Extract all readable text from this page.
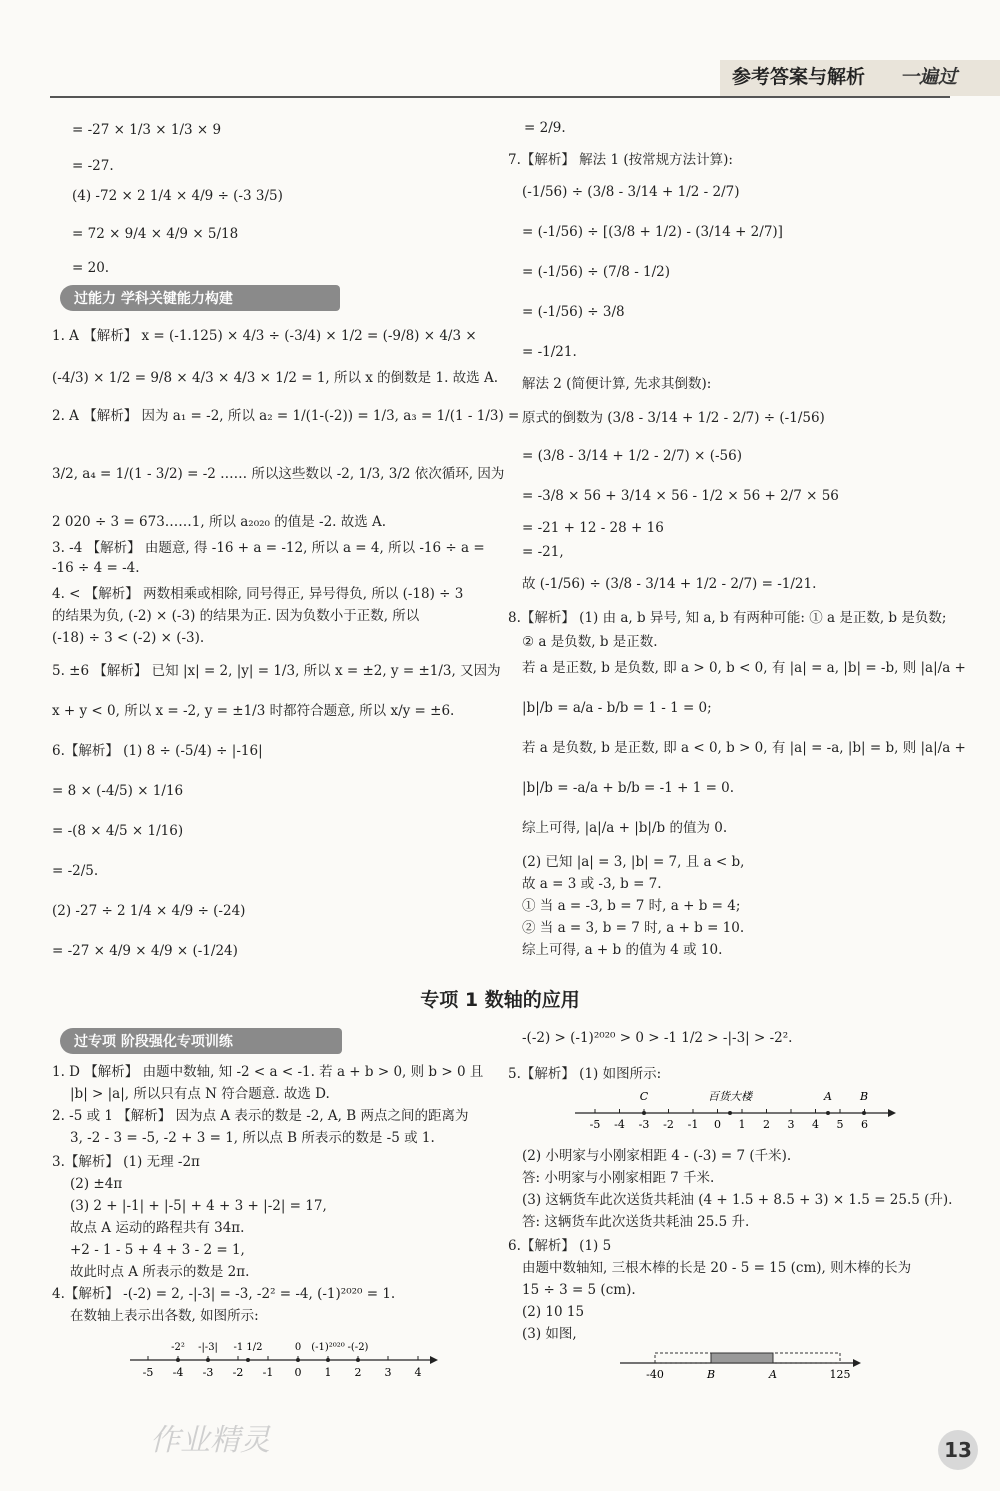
参考答案与解析 一遍过
= -27 × 1/3 × 1/3 × 9
= -27.
(4) -72 × 2 1/4 × 4/9 ÷ (-3 3/5)
= 72 × 9/4 × 4/9 × 5/18
= 20.
过能力 学科关键能力构建
1. A 【解析】 x = (-1.125) × 4/3 ÷ (-3/4) × 1/2 = (-9/8) × 4/3 ×
(-4/3) × 1/2 = 9/8 × 4/3 × 4/3 × 1/2 = 1, 所以 x 的倒数是 1. 故选 A.
2. A 【解析】 因为 a₁ = -2, 所以 a₂ = 1/(1-(-2)) = 1/3, a₃ = 1/(1 - 1/3) =
3/2, a₄ = 1/(1 - 3/2) = -2 …… 所以这些数以 -2, 1/3, 3/2 依次循环, 因为
2 020 ÷ 3 = 673……1, 所以 a₂₀₂₀ 的值是 -2. 故选 A.
3. -4 【解析】 由题意, 得 -16 + a = -12, 所以 a = 4, 所以 -16 ÷ a =
-16 ÷ 4 = -4.
4. < 【解析】 两数相乘或相除, 同号得正, 异号得负, 所以 (-18) ÷ 3
的结果为负, (-2) × (-3) 的结果为正. 因为负数小于正数, 所以
(-18) ÷ 3 < (-2) × (-3).
5. ±6 【解析】 已知 |x| = 2, |y| = 1/3, 所以 x = ±2, y = ±1/3, 又因为
x + y < 0, 所以 x = -2, y = ±1/3 时都符合题意, 所以 x/y = ±6.
6.【解析】 (1) 8 ÷ (-5/4) ÷ |-16|
= 8 × (-4/5) × 1/16
= -(8 × 4/5 × 1/16)
= -2/5.
(2) -27 ÷ 2 1/4 × 4/9 ÷ (-24)
= -27 × 4/9 × 4/9 × (-1/24)
= 2/9.
7.【解析】 解法 1 (按常规方法计算):
(-1/56) ÷ (3/8 - 3/14 + 1/2 - 2/7)
= (-1/56) ÷ [(3/8 + 1/2) - (3/14 + 2/7)]
= (-1/56) ÷ (7/8 - 1/2)
= (-1/56) ÷ 3/8
= -1/21.
解法 2 (简便计算, 先求其倒数):
原式的倒数为 (3/8 - 3/14 + 1/2 - 2/7) ÷ (-1/56)
= (3/8 - 3/14 + 1/2 - 2/7) × (-56)
= -3/8 × 56 + 3/14 × 56 - 1/2 × 56 + 2/7 × 56
= -21 + 12 - 28 + 16
= -21,
故 (-1/56) ÷ (3/8 - 3/14 + 1/2 - 2/7) = -1/21.
8.【解析】 (1) 由 a, b 异号, 知 a, b 有两种可能: ① a 是正数, b 是负数;
② a 是负数, b 是正数.
若 a 是正数, b 是负数, 即 a > 0, b < 0, 有 |a| = a, |b| = -b, 则 |a|/a +
|b|/b = a/a - b/b = 1 - 1 = 0;
若 a 是负数, b 是正数, 即 a < 0, b > 0, 有 |a| = -a, |b| = b, 则 |a|/a +
|b|/b = -a/a + b/b = -1 + 1 = 0.
综上可得, |a|/a + |b|/b 的值为 0.
(2) 已知 |a| = 3, |b| = 7, 且 a < b,
故 a = 3 或 -3, b = 7.
① 当 a = -3, b = 7 时, a + b = 4;
② 当 a = 3, b = 7 时, a + b = 10.
综上可得, a + b 的值为 4 或 10.
专项 1 数轴的应用
过专项 阶段强化专项训练
1. D 【解析】 由题中数轴, 知 -2 < a < -1. 若 a + b > 0, 则 b > 0 且
|b| > |a|, 所以只有点 N 符合题意. 故选 D.
2. -5 或 1 【解析】 因为点 A 表示的数是 -2, A, B 两点之间的距离为
3, -2 - 3 = -5, -2 + 3 = 1, 所以点 B 所表示的数是 -5 或 1.
3.【解析】 (1) 无理 -2π
(2) ±4π
(3) 2 + |-1| + |-5| + 4 + 3 + |-2| = 17,
故点 A 运动的路程共有 34π.
+2 - 1 - 5 + 4 + 3 - 2 = 1,
故此时点 A 所表示的数是 2π.
4.【解析】 -(-2) = 2, -|-3| = -3, -2² = -4, (-1)²⁰²⁰ = 1.
在数轴上表示出各数, 如图所示:
-5 -4 -3 -2 -1 0 1 2 3 4
-2² -|-3| -1 1/2	0 (-1)²⁰²⁰ -(-2)
-(-2) > (-1)²⁰²⁰ > 0 > -1 1/2 > -|-3| > -2².
5.【解析】 (1) 如图所示:
(2) 小明家与小刚家相距 4 - (-3) = 7 (千米).
答: 小明家与小刚家相距 7 千米.
(3) 这辆货车此次送货共耗油 (4 + 1.5 + 8.5 + 3) × 1.5 = 25.5 (升).
答: 这辆货车此次送货共耗油 25.5 升.
6.【解析】 (1) 5
由题中数轴知, 三根木棒的长是 20 - 5 = 15 (cm), 则木棒的长为
15 ÷ 3 = 5 (cm).
(2) 10 15
(3) 如图,
-5 -4 -3 -2 -1 0 1 2 3 4 5 6
C	百货大楼	A	B
-40	B	A	125
作业精灵	13
